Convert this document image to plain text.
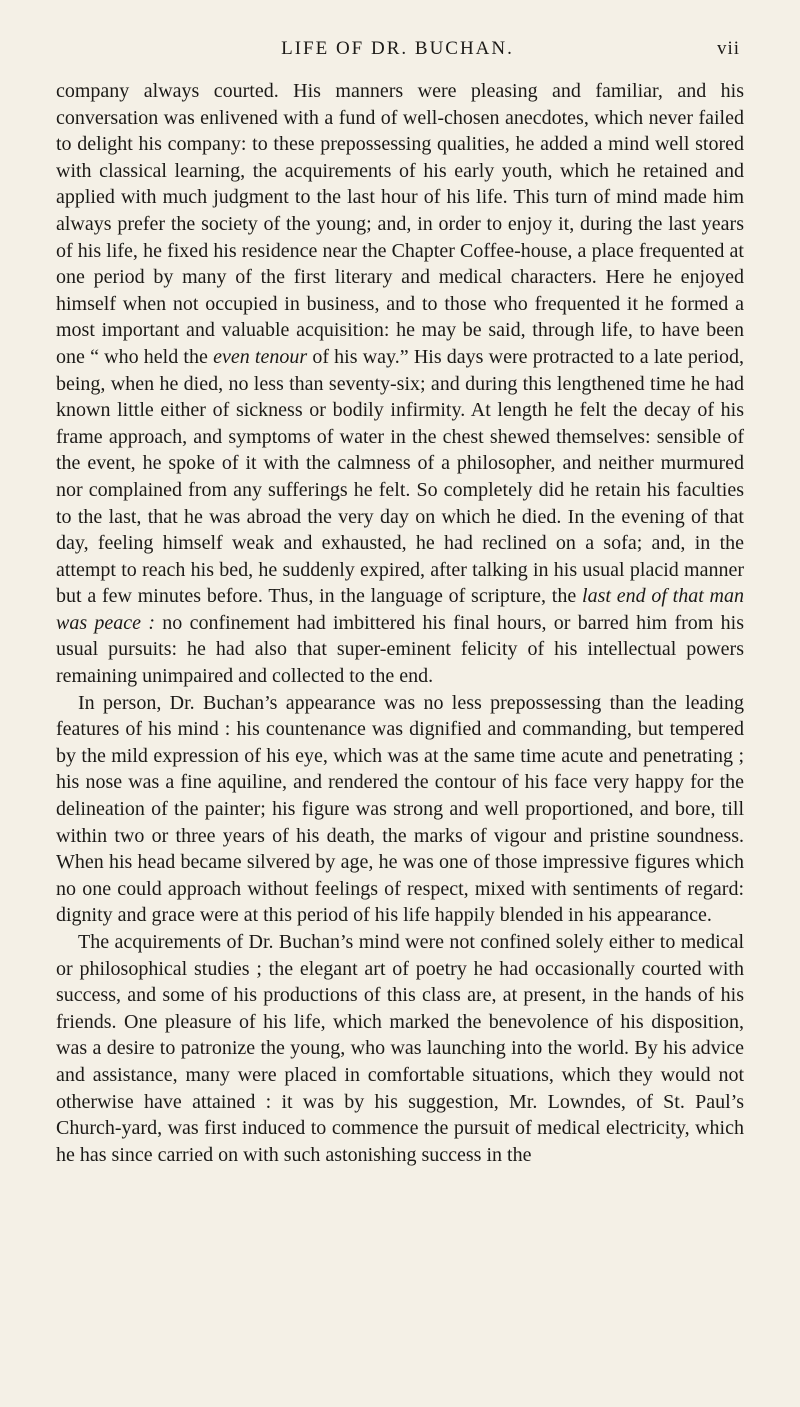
LIFE OF DR. BUCHAN.	vii

company always courted. His manners were pleasing and familiar, and his conversation was enlivened with a fund of well-chosen anecdotes, which never failed to delight his company: to these prepossessing qualities, he added a mind well stored with classical learning, the acquirements of his early youth, which he retained and applied with much judgment to the last hour of his life. This turn of mind made him always prefer the society of the young; and, in order to enjoy it, during the last years of his life, he fixed his residence near the Chapter Coffee-house, a place frequented at one period by many of the first literary and medical characters. Here he enjoyed himself when not occupied in business, and to those who frequented it he formed a most important and valuable acquisition: he may be said, through life, to have been one “ who held the even tenour of his way.” His days were protracted to a late period, being, when he died, no less than seventy-six; and during this lengthened time he had known little either of sickness or bodily infirmity. At length he felt the decay of his frame approach, and symptoms of water in the chest shewed themselves: sensible of the event, he spoke of it with the calmness of a philosopher, and neither murmured nor complained from any sufferings he felt. So completely did he retain his faculties to the last, that he was abroad the very day on which he died. In the evening of that day, feeling himself weak and exhausted, he had reclined on a sofa; and, in the attempt to reach his bed, he suddenly expired, after talking in his usual placid manner but a few minutes before. Thus, in the language of scripture, the last end of that man was peace : no confinement had imbittered his final hours, or barred him from his usual pursuits: he had also that super-eminent felicity of his intellectual powers remaining unimpaired and collected to the end.

In person, Dr. Buchan’s appearance was no less prepossessing than the leading features of his mind : his countenance was dignified and commanding, but tempered by the mild expression of his eye, which was at the same time acute and penetrating ; his nose was a fine aquiline, and rendered the contour of his face very happy for the delineation of the painter; his figure was strong and well proportioned, and bore, till within two or three years of his death, the marks of vigour and pristine soundness. When his head became silvered by age, he was one of those impressive figures which no one could approach without feelings of respect, mixed with sentiments of regard: dignity and grace were at this period of his life happily blended in his appearance.

The acquirements of Dr. Buchan’s mind were not confined solely either to medical or philosophical studies ; the elegant art of poetry he had occasionally courted with success, and some of his productions of this class are, at present, in the hands of his friends. One pleasure of his life, which marked the benevolence of his disposition, was a desire to patronize the young, who was launching into the world. By his advice and assistance, many were placed in comfortable situations, which they would not otherwise have attained : it was by his suggestion, Mr. Lowndes, of St. Paul’s Church-yard, was first induced to commence the pursuit of medical electricity, which he has since carried on with such astonishing success in the
